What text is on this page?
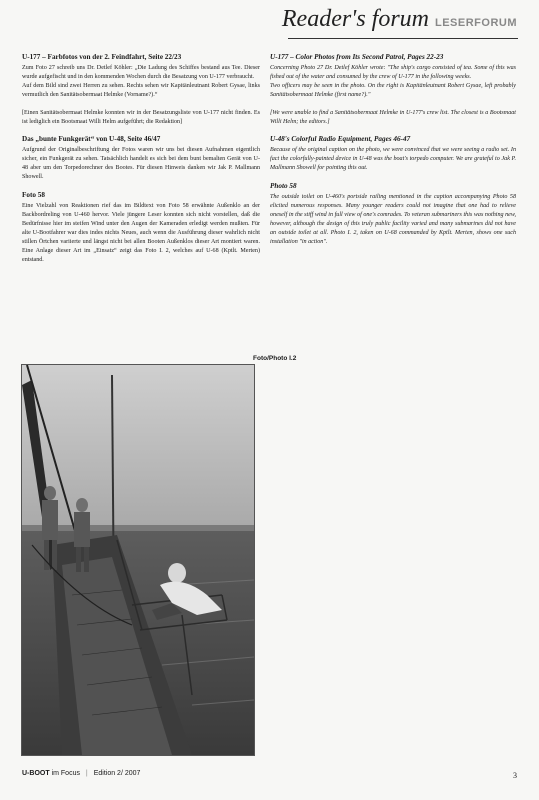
Reader's forum LESERFORUM
U-177 – Farbfotos von der 2. Feindfahrt, Seite 22/23

Zum Foto 27 schreib uns Dr. Detlef Köhler: „Die Ladung des Schiffes bestand aus Tee. Dieser wurde aufgefischt und in den kommenden Wochen durch die Besatzung von U-177 verbraucht.
Auf dem Bild sind zwei Herren zu sehen. Rechts sehen wir Kapitänleutnant Robert Gysae, links vermutlich den Sanitätsobermaat Helmke (Vorname?).“

[Einen Sanitätsobermaat Helmke konnten wir in der Besatzungsliste von U-177 nicht finden. Es ist lediglich ein Bootsmaat Willi Helm aufgeführt; die Redaktion]

Das „bunte Funkgerät“ von U-48, Seite 46/47

Aufgrund der Originalbeschriftung der Fotos waren wir uns bei diesen Aufnahmen eigentlich sicher, ein Funkgerät zu sehen. Tatsächlich handelt es sich bei dem bunt bemalten Gerät von U-48 aber um den Torpedorechner des Bootes. Für diesen Hinweis danken wir Jak P. Mallmann Showell.

Foto 58

Eine Vielzahl von Reaktionen rief das im Bildtext von Foto 58 erwähnte Außenklo an der Backbordreling von U-460 hervor. Viele jüngere Leser konnten sich nicht vorstellen, daß die Bedürfnisse hier im steifen Wind unter den Augen der Kameraden erledigt werden mußten. Für alte U-Bootfahrer war dies indes nichts Neues, auch wenn die Ausführung dieser wahrlich nicht stillen Örtchen variierte und längst nicht bei allen Booten Außenklos dieser Art montiert waren. Eine Anlage dieser Art im „Einsatz“ zeigt das Foto I. 2, welches auf U-68 (Kptlt. Merten) entstand.

U-177 – Color Photos from Its Second Patrol, Pages 22-23

Concerning Photo 27 Dr. Detlef Köhler wrote: "The ship's cargo consisted of tea. Some of this was fished out of the water and consumed by the crew of U-177 in the following weeks.
Two officers may be seen in the photo. On the right is Kapitänleutnant Robert Gysae, left probably Sanitätsobermaat Helmke (first name?)."

[We were unable to find a Sanitätsobermaat Helmke in U-177's crew list. The closest is a Bootsmaat Willi Helm; the editors.]

U-48's Colorful Radio Equipment, Pages 46-47

Because of the original caption on the photo, we were convinced that we were seeing a radio set. In fact the colorfully-painted device in U-48 was the boat's torpedo computer. We are grateful to Jak P. Mallmann Showell for pointing this out.

Photo 58

The outside toilet on U-460's portside railing mentioned in the caption accompanying Photo 58 elicited numerous responses. Many younger readers could not imagine that one had to relieve oneself in the stiff wind in full view of one's comrades. To veteran submariners this was nothing new, however, although the design of this truly public facility varied and many submarines did not have an outside toilet at all. Photo I. 2, taken on U-68 commanded by Kptlt. Merten, shows one such installation "in action".

Foto/Photo I.2
U-BOOT im Focus | Edition 2/ 2007	3
